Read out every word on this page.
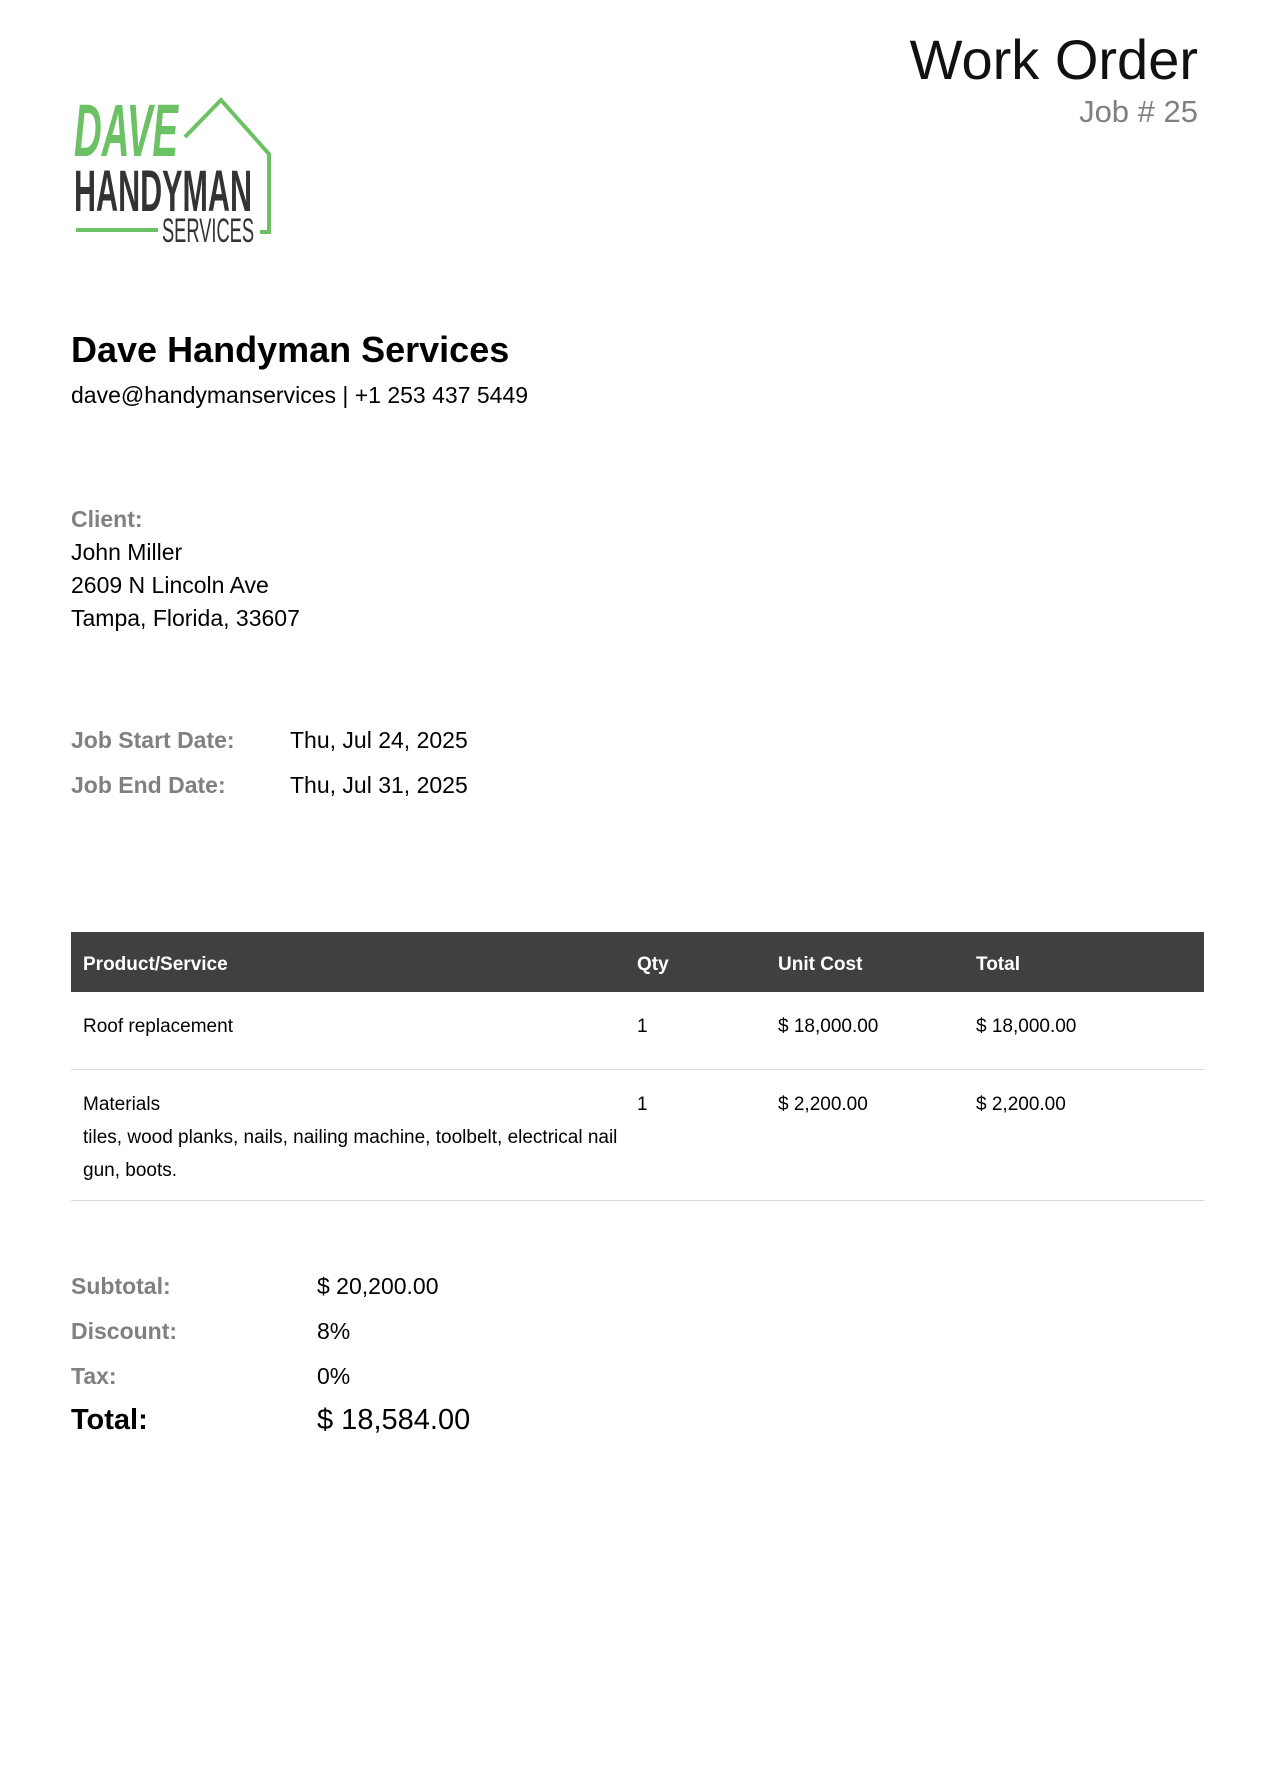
Work Order
Job # 25
DAVE
HANDYMAN
SERVICES
Dave Handyman Services
dave@handymanservices | +1 253 437 5449
Client:
John Miller
2609 N Lincoln Ave
Tampa, Florida, 33607
Job Start Date: Thu, Jul 24, 2025
Job End Date:	Thu, Jul 31, 2025
Product/Service	Qty	Unit Cost	Total

Roof replacement	1	$ 18,000.00	$ 18,000.00

Materials
tiles, wood planks, nails, nailing machine, toolbelt, electrical nail gun, boots.	1	$ 2,200.00	$ 2,200.00
Subtotal:	$ 20,200.00
Discount:	8%
Tax:	0%
Total:	$ 18,584.00
